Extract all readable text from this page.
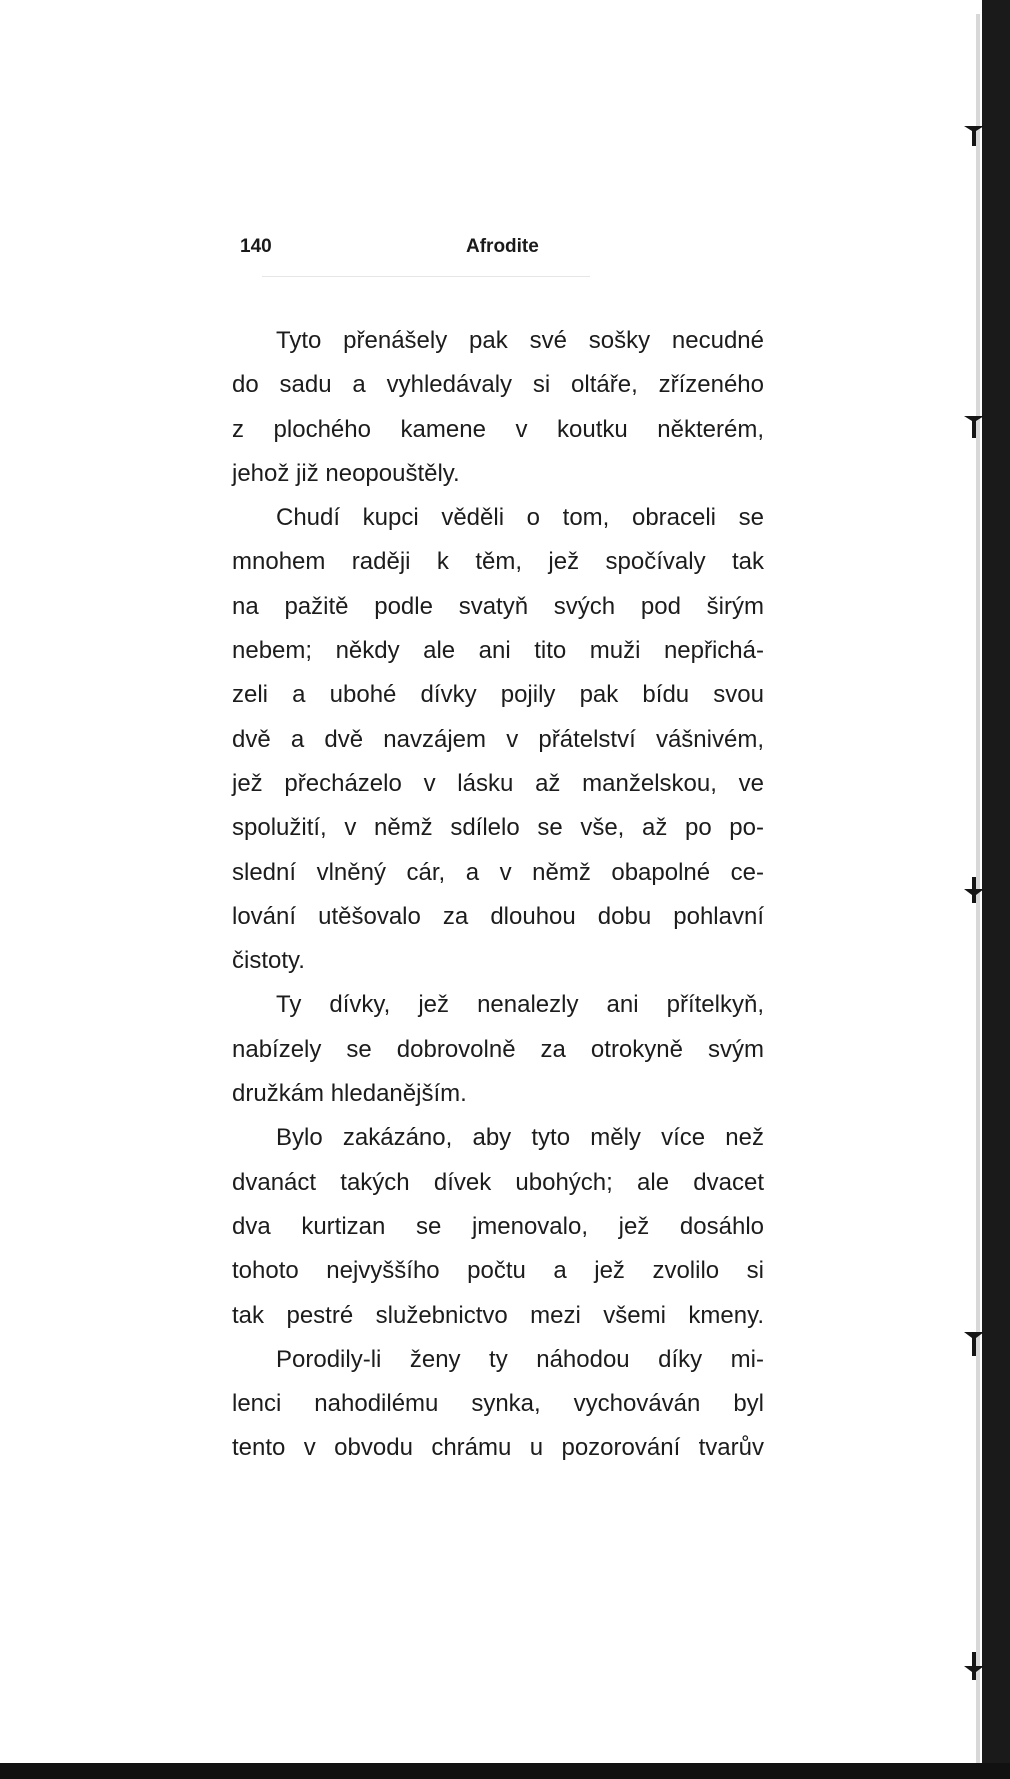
140	Afrodite
Tyto přenášely pak své sošky necudné
do sadu a vyhledávaly si oltáře, zřízeného
z plochého kamene v koutku některém,
jehož již neopouštěly.
Chudí kupci věděli o tom, obraceli se
mnohem raději k těm, jež spočívaly tak
na pažitě podle svatyň svých pod širým
nebem; někdy ale ani tito muži nepřichá-
zeli a ubohé dívky pojily pak bídu svou
dvě a dvě navzájem v přátelství vášnivém,
jež přecházelo v lásku až manželskou, ve
spolužití, v němž sdílelo se vše, až po po-
slední vlněný cár, a v němž obapolné ce-
lování utěšovalo za dlouhou dobu pohlavní
čistoty.
Ty dívky, jež nenalezly ani přítelkyň,
nabízely se dobrovolně za otrokyně svým
družkám hledanějším.
Bylo zakázáno, aby tyto měly více než
dvanáct takých dívek ubohých; ale dvacet
dva kurtizan se jmenovalo, jež dosáhlo
tohoto nejvyššího počtu a jež zvolilo si
tak pestré služebnictvo mezi všemi kmeny.
Porodily-li ženy ty náhodou díky mi-
lenci nahodilému synka, vychováván byl
tento v obvodu chrámu u pozorování tvarův
